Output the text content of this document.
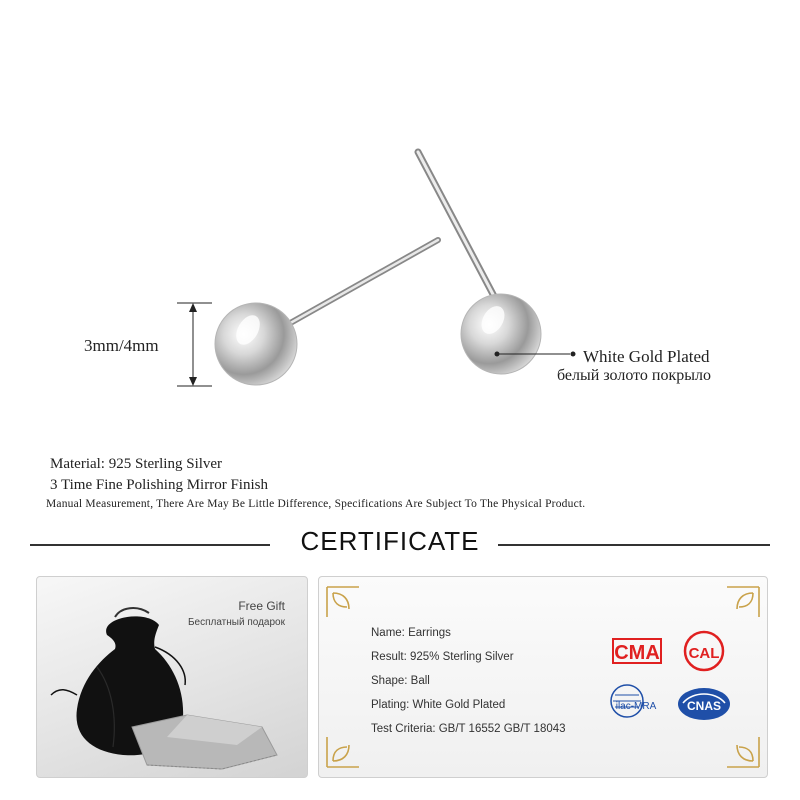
3mm/4mm
White Gold Plated
белый золото покрыло
Material: 925 Sterling Silver
3 Time Fine Polishing Mirror Finish
Manual Measurement, There Are May Be Little Difference, Specifications Are Subject To The Physical Product.
CERTIFICATE
Free Gift
Бесплатный подарок
Name: Earrings
Result: 925% Sterling Silver
Shape: Ball
Plating: White Gold Plated
Test Criteria: GB/T 16552 GB/T 18043
CMA CAL
ilac-MRA	CNAS
